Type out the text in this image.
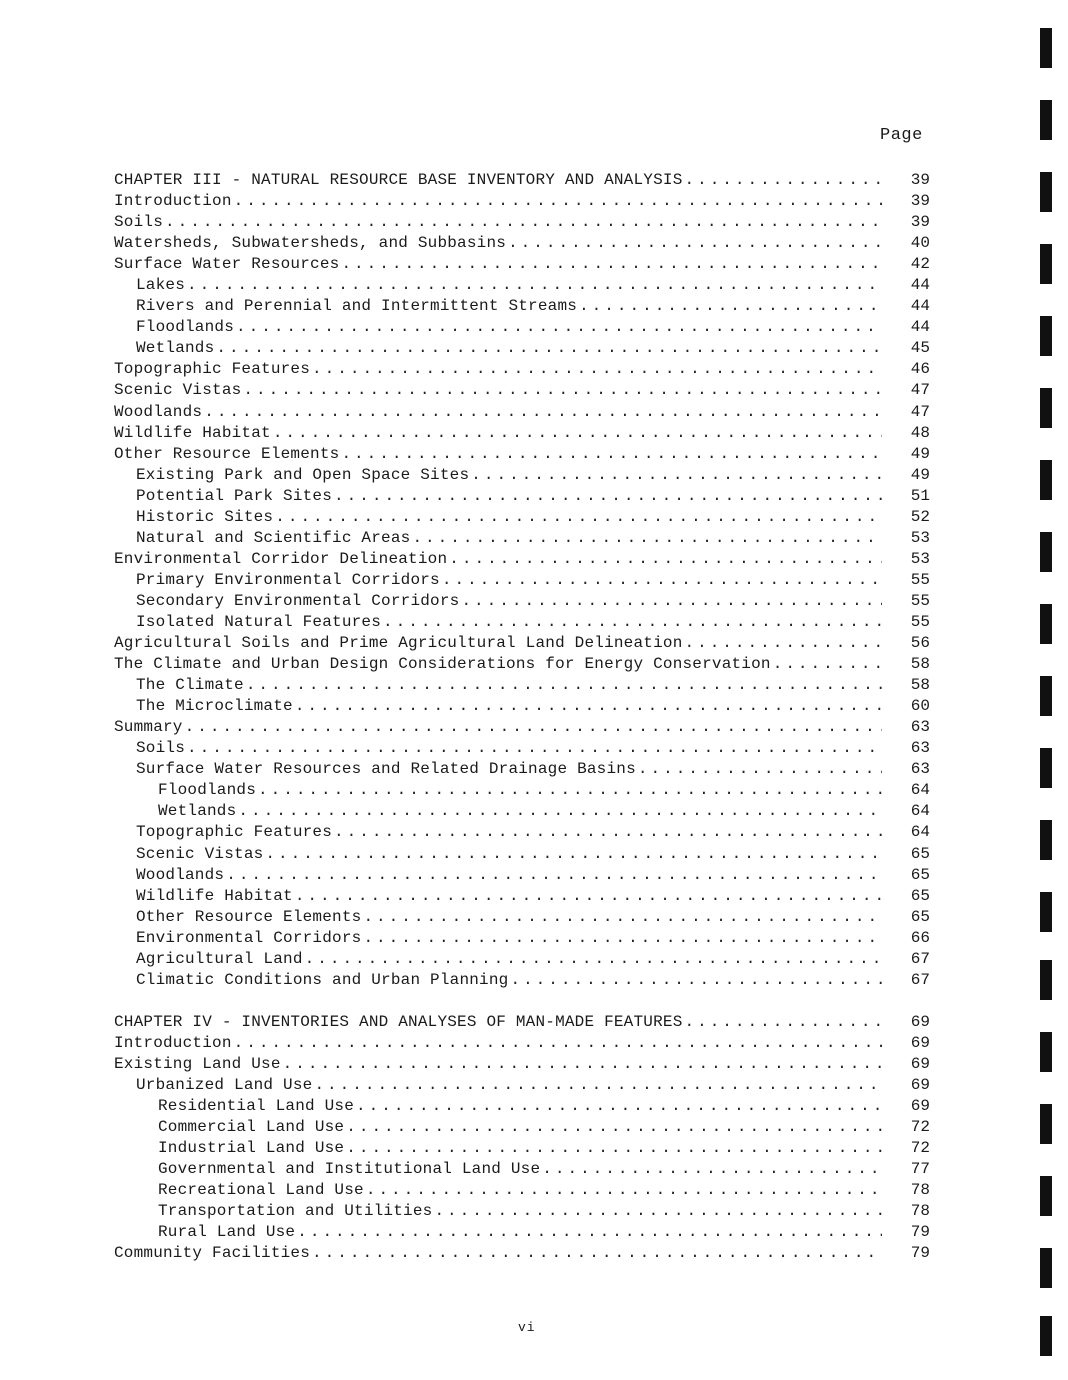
Page
CHAPTER III - NATURAL RESOURCE BASE INVENTORY AND ANALYSIS .....	39
Introduction .....	39
Soils .....	39
Watersheds, Subwatersheds, and Subbasins .....	40
Surface Water Resources .....	42
Lakes .....	44
Rivers and Perennial and Intermittent Streams .....	44
Floodlands .....	44
Wetlands .....	45
Topographic Features .....	46
Scenic Vistas .....	47
Woodlands .....	47
Wildlife Habitat .....	48
Other Resource Elements .....	49
Existing Park and Open Space Sites .....	49
Potential Park Sites .....	51
Historic Sites .....	52
Natural and Scientific Areas .....	53
Environmental Corridor Delineation .....	53
Primary Environmental Corridors .....	55
Secondary Environmental Corridors .....	55
Isolated Natural Features .....	55
Agricultural Soils and Prime Agricultural Land Delineation .....	56
The Climate and Urban Design Considerations for Energy Conservation .....	58
The Climate .....	58
The Microclimate .....	60
Summary .....	63
Soils .....	63
Surface Water Resources and Related Drainage Basins .....	63
Floodlands .....	64
Wetlands .....	64
Topographic Features .....	64
Scenic Vistas .....	65
Woodlands .....	65
Wildlife Habitat .....	65
Other Resource Elements .....	65
Environmental Corridors .....	66
Agricultural Land .....	67
Climatic Conditions and Urban Planning .....	67
CHAPTER IV - INVENTORIES AND ANALYSES OF MAN-MADE FEATURES .....	69
Introduction .....	69
Existing Land Use .....	69
Urbanized Land Use .....	69
Residential Land Use .....	69
Commercial Land Use .....	72
Industrial Land Use .....	72
Governmental and Institutional Land Use .....	77
Recreational Land Use .....	78
Transportation and Utilities .....	78
Rural Land Use .....	79
Community Facilities .....	79
vi
